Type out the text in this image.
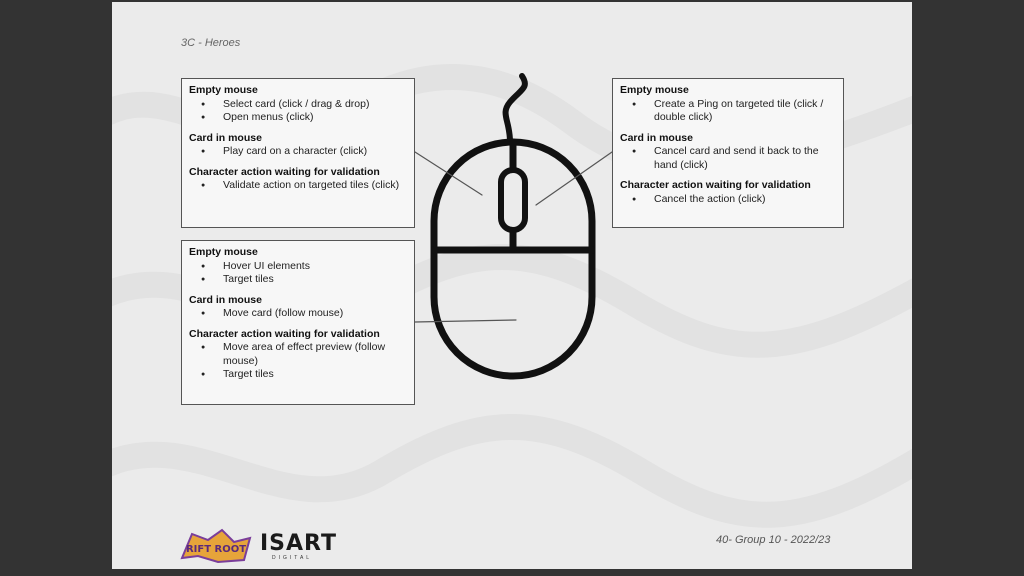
3C - Heroes
Empty mouse
● Select card (click / drag & drop)
● Open menus (click)
Card in mouse
● Play card on a character (click)
Character action waiting for validation
● Validate action on targeted tiles (click)
Empty mouse
● Create a Ping on targeted tile (click / double click)
Card in mouse
● Cancel card and send it back to the hand (click)
Character action waiting for validation
● Cancel the action (click)
Empty mouse
● Hover UI elements
● Target tiles
Card in mouse
● Move card (follow mouse)
Character action waiting for validation
● Move area of effect preview (follow mouse)
● Target tiles
RIFT ROOT ISART
DIGITAL
40- Group 10 - 2022/23
